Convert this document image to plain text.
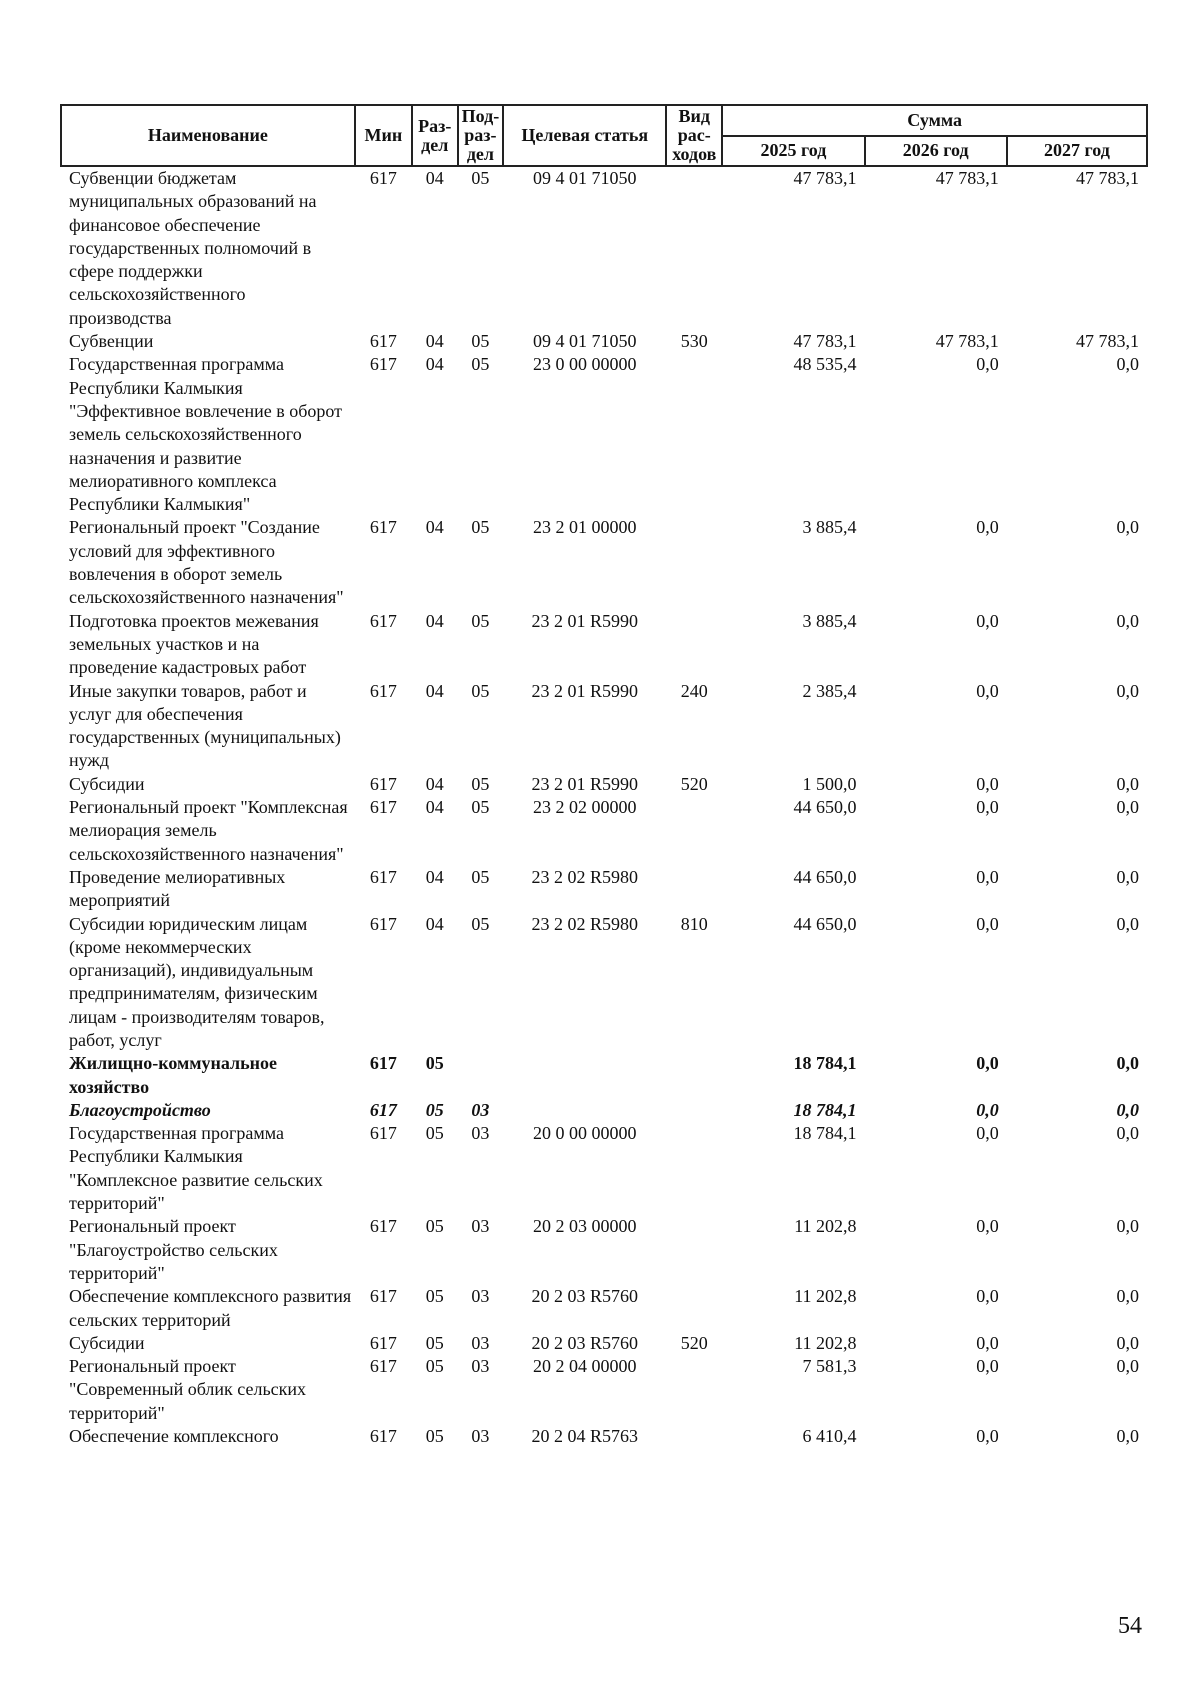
Наименование	Мин	Раз-дел	Под-раз-дел	Целевая статья	Вид рас-ходов	Сумма		
						2025 год	2026 год	2027 год
Субвенции бюджетам муниципальных образований на финансовое обеспечение государственных полномочий в сфере поддержки сельскохозяйственного производства	617	04	05	09 4 01 71050		47 783,1	47 783,1	47 783,1
Субвенции	617	04	05	09 4 01 71050	530	47 783,1	47 783,1	47 783,1
Государственная программа Республики Калмыкия "Эффективное вовлечение в оборот земель сельскохозяйственного назначения и развитие мелиоративного комплекса Республики Калмыкия"	617	04	05	23 0 00 00000		48 535,4	0,0	0,0
Региональный проект "Создание условий для эффективного вовлечения в оборот земель сельскохозяйственного назначения"	617	04	05	23 2 01 00000		3 885,4	0,0	0,0
Подготовка проектов межевания земельных участков и на проведение кадастровых работ	617	04	05	23 2 01 R5990		3 885,4	0,0	0,0
Иные закупки товаров, работ и услуг для обеспечения государственных (муниципальных) нужд	617	04	05	23 2 01 R5990	240	2 385,4	0,0	0,0
Субсидии	617	04	05	23 2 01 R5990	520	1 500,0	0,0	0,0
Региональный проект "Комплексная мелиорация земель сельскохозяйственного назначения"	617	04	05	23 2 02 00000		44 650,0	0,0	0,0
Проведение мелиоративных мероприятий	617	04	05	23 2 02 R5980		44 650,0	0,0	0,0
Субсидии юридическим лицам (кроме некоммерческих организаций), индивидуальным предпринимателям, физическим лицам - производителям товаров, работ, услуг	617	04	05	23 2 02 R5980	810	44 650,0	0,0	0,0
Жилищно-коммунальное хозяйство	617	05				18 784,1	0,0	0,0
Благоустройство	617	05	03			18 784,1	0,0	0,0
Государственная программа Республики Калмыкия "Комплексное развитие сельских территорий"	617	05	03	20 0 00 00000		18 784,1	0,0	0,0
Региональный проект "Благоустройство сельских территорий"	617	05	03	20 2 03 00000		11 202,8	0,0	0,0
Обеспечение комплексного развития сельских территорий	617	05	03	20 2 03 R5760		11 202,8	0,0	0,0
Субсидии	617	05	03	20 2 03 R5760	520	11 202,8	0,0	0,0
Региональный проект "Современный облик сельских территорий"	617	05	03	20 2 04 00000		7 581,3	0,0	0,0
Обеспечение комплексного	617	05	03	20 2 04 R5763		6 410,4	0,0	0,0
54
